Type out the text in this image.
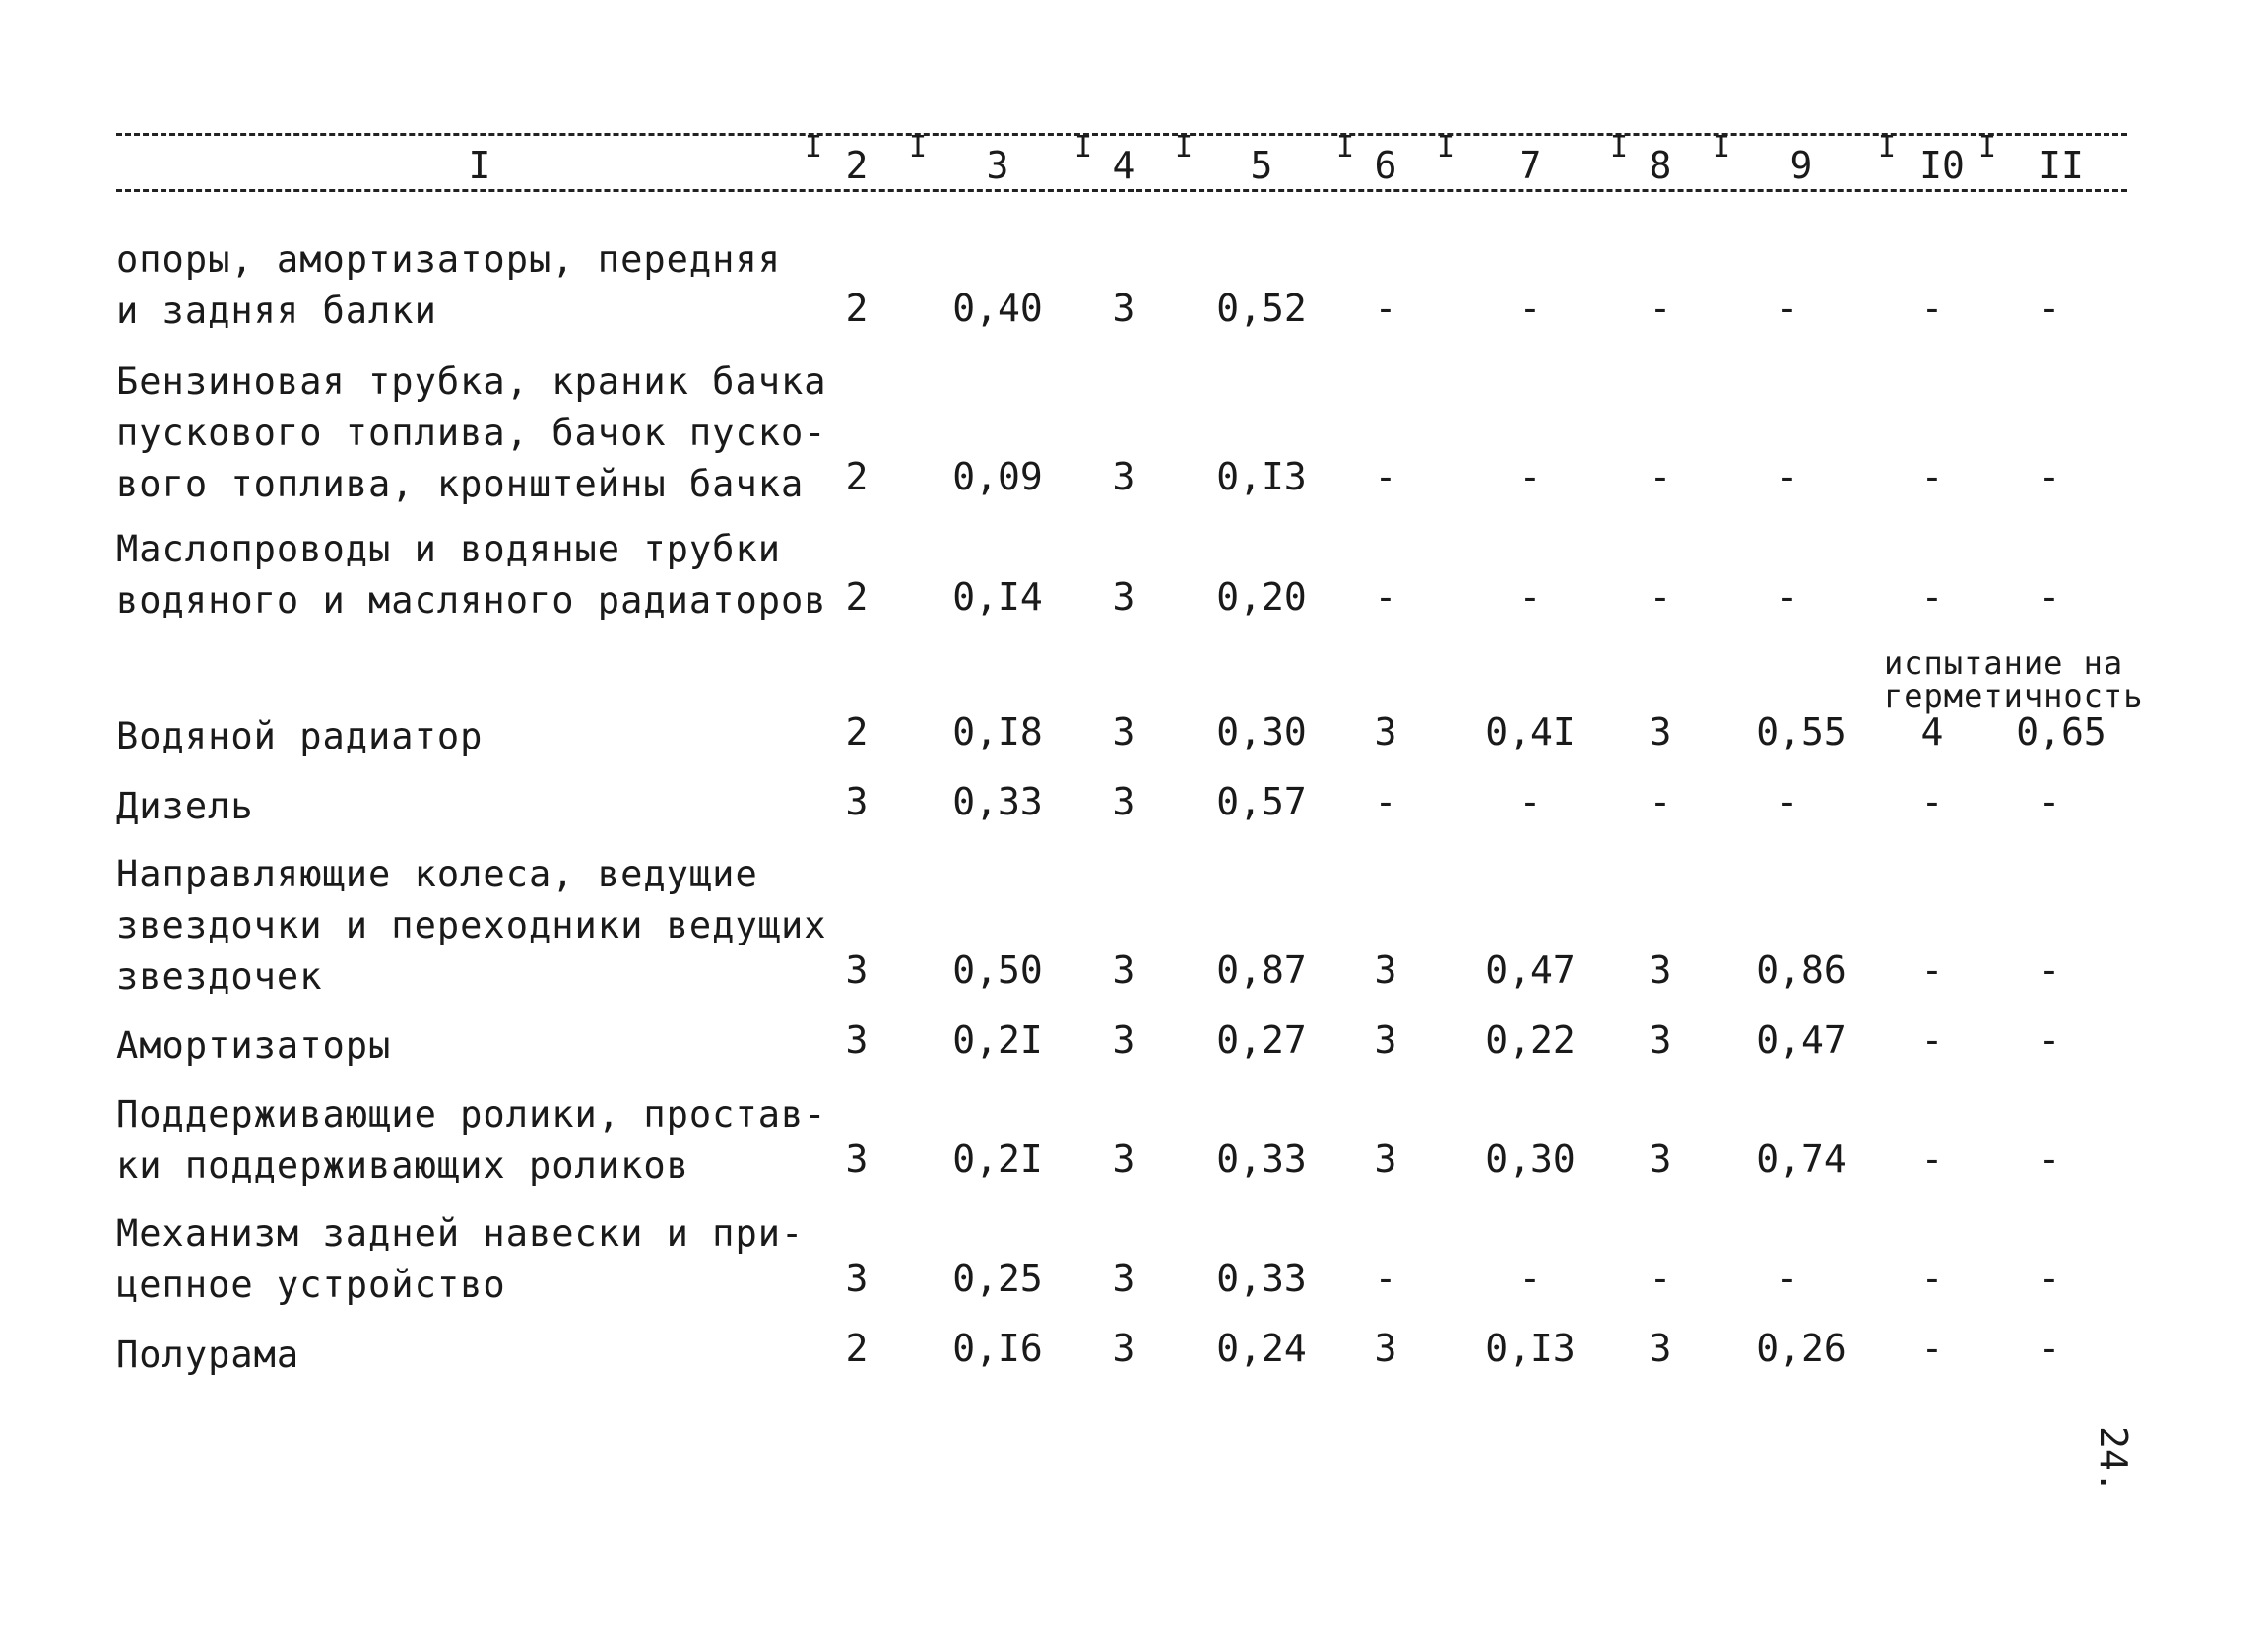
I	2	3	4	5	6	7	8	9	I0 II
I	I	I	I	I	I	I	I	I	I
опоры, амортизаторы, передняя
и задняя балки	2 0,40 3 0,52 -	-	-	-	-	-
Бензиновая трубка, краник бачка
пускового топлива, бачок пуско-
вого топлива, кронштейны бачка 2 0,09 3 0,I3 -	-	-	-	-	-
Маслопроводы и водяные трубки
водяного и масляного радиаторов 2 0,I4 3 0,20 -	-	-	-	-	-
испытание на
герметичность
Водяной радиатор	2 0,I8 3 0,30 3 0,4I 3 0,55 4 0,65
Дизель	3 0,33 3 0,57 -	-	-	-	-	-
Направляющие колеса, ведущие
звездочки и переходники ведущих
звездочек	3 0,50 3 0,87 3 0,47 3 0,86 -	-
Амортизаторы	3 0,2I 3 0,27 3 0,22 3 0,47 -	-
Поддерживающие ролики, простав-
ки поддерживающих роликов	3 0,2I 3 0,33 3 0,30 3 0,74 -	-
Механизм задней навески и при-
цепное устройство	3 0,25 3 0,33 -	-	-	-	-	-
Полурама	2 0,I6 3 0,24 3 0,I3 3 0,26 -	-
24.
